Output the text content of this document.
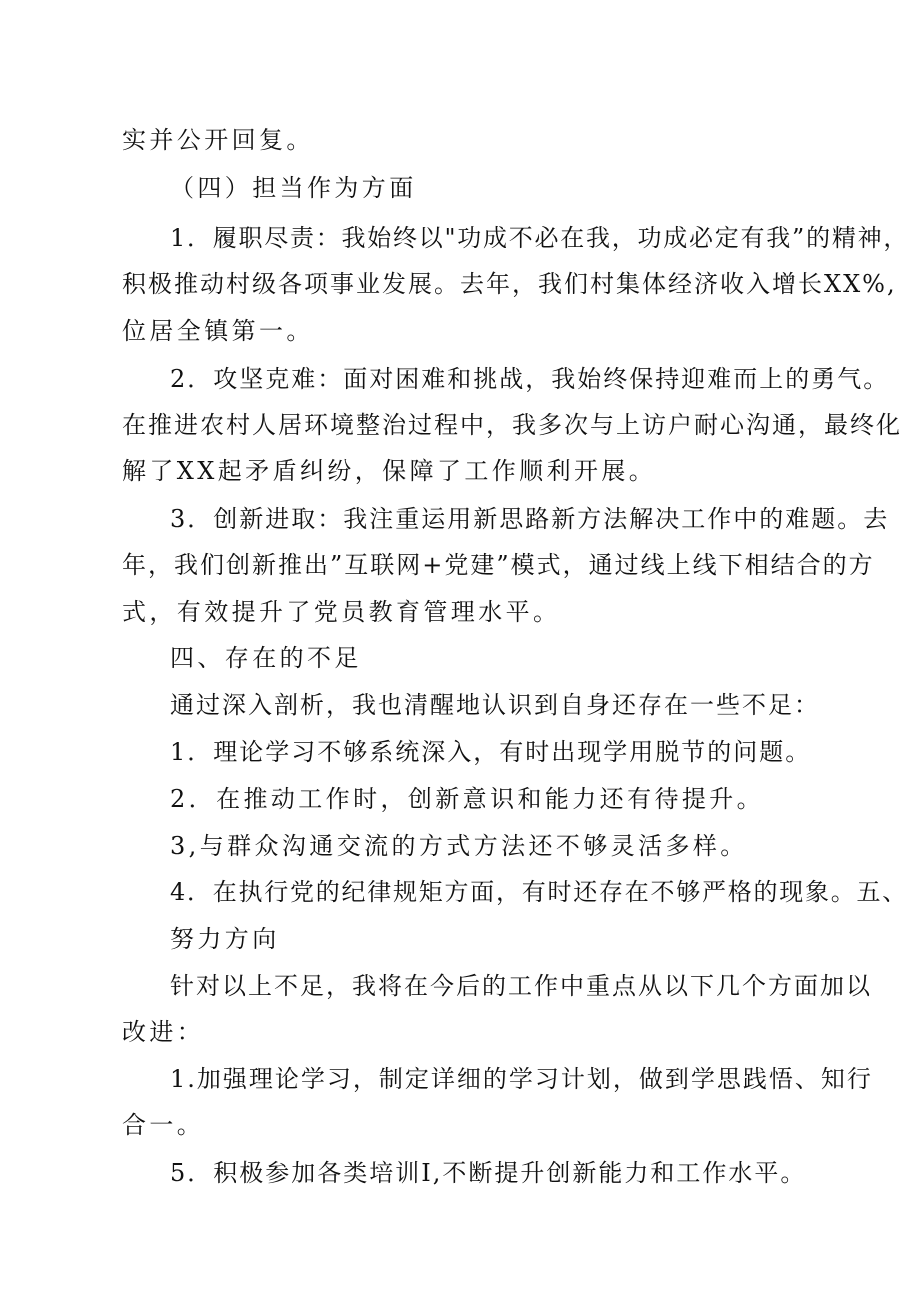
实并公开回复。
（四）担当作为方面
1．履职尽责：我始终以"功成不必在我，功成必定有我”的精神，
积极推动村级各项事业发展。去年，我们村集体经济收入增长XX%,
位居全镇第一。
2．攻坚克难：面对困难和挑战，我始终保持迎难而上的勇气。
在推进农村人居环境整治过程中，我多次与上访户耐心沟通，最终化
解了XX起矛盾纠纷，保障了工作顺利开展。
3．创新进取：我注重运用新思路新方法解决工作中的难题。去
年，我们创新推出”互联网+党建”模式，通过线上线下相结合的方
式，有效提升了党员教育管理水平。
四、存在的不足
通过深入剖析，我也清醒地认识到自身还存在一些不足：
1．理论学习不够系统深入，有时出现学用脱节的问题。
2．在推动工作时，创新意识和能力还有待提升。
3,与群众沟通交流的方式方法还不够灵活多样。
4．在执行党的纪律规矩方面，有时还存在不够严格的现象。五、
努力方向
针对以上不足，我将在今后的工作中重点从以下几个方面加以
改进：
1.加强理论学习，制定详细的学习计划，做到学思践悟、知行
合一。
5．积极参加各类培训I,不断提升创新能力和工作水平。
